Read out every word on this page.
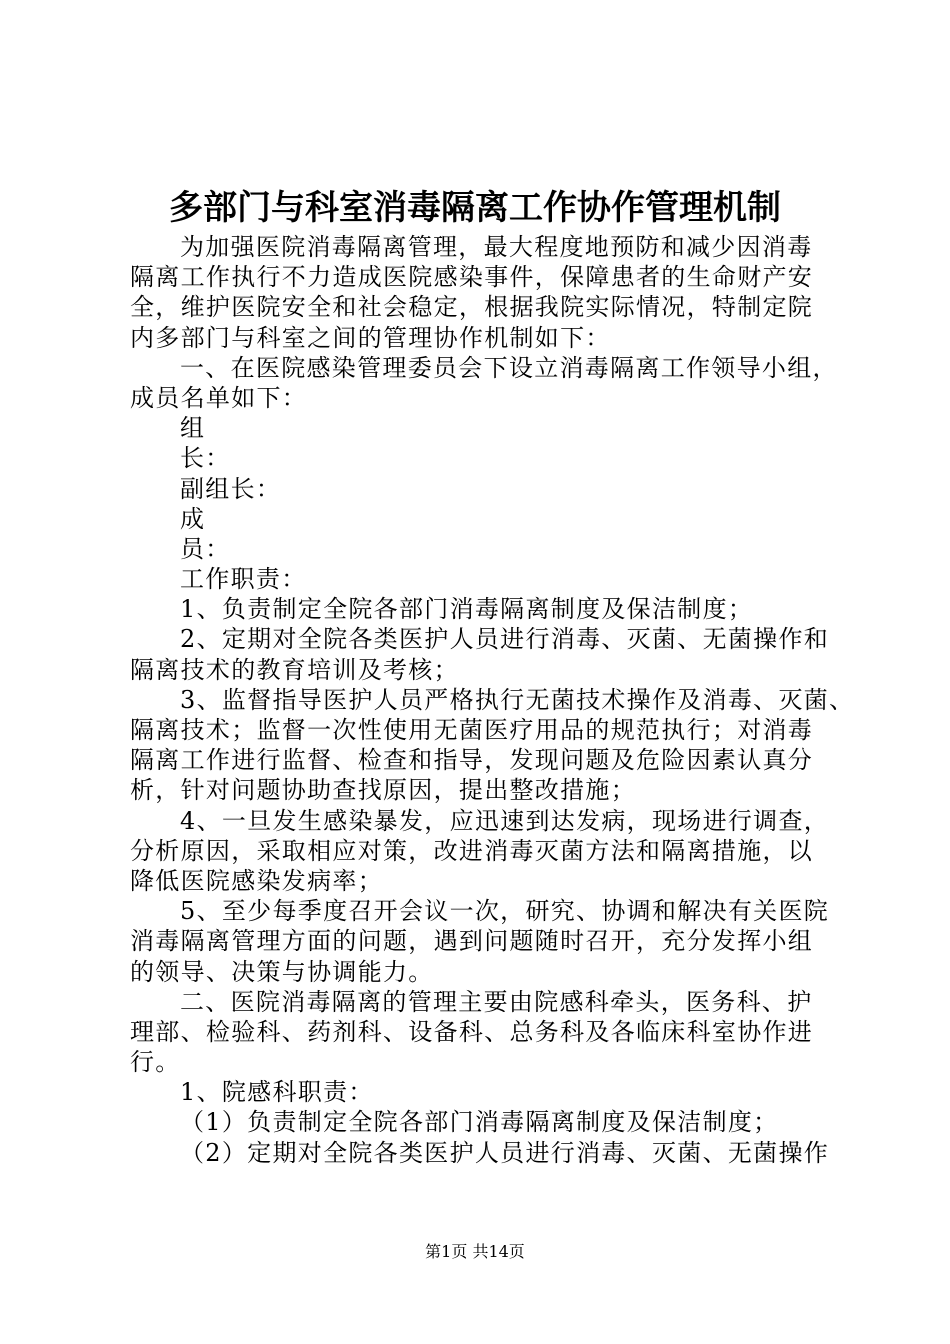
多部门与科室消毒隔离工作协作管理机制
为加强医院消毒隔离管理，最大程度地预防和减少因消毒
隔离工作执行不力造成医院感染事件，保障患者的生命财产安
全，维护医院安全和社会稳定，根据我院实际情况，特制定院
内多部门与科室之间的管理协作机制如下：
一、在医院感染管理委员会下设立消毒隔离工作领导小组，
成员名单如下：
组
长：
副组长：
成
员：
工作职责：
1、负责制定全院各部门消毒隔离制度及保洁制度；
2、定期对全院各类医护人员进行消毒、灭菌、无菌操作和
隔离技术的教育培训及考核；
3、监督指导医护人员严格执行无菌技术操作及消毒、灭菌、
隔离技术；监督一次性使用无菌医疗用品的规范执行；对消毒
隔离工作进行监督、检查和指导，发现问题及危险因素认真分
析，针对问题协助查找原因，提出整改措施；
4、一旦发生感染暴发，应迅速到达发病，现场进行调查，
分析原因，采取相应对策，改进消毒灭菌方法和隔离措施，以
降低医院感染发病率；
5、至少每季度召开会议一次，研究、协调和解决有关医院
消毒隔离管理方面的问题，遇到问题随时召开，充分发挥小组
的领导、决策与协调能力。
二、医院消毒隔离的管理主要由院感科牵头，医务科、护
理部、检验科、药剂科、设备科、总务科及各临床科室协作进
行。
1、院感科职责：
（1）负责制定全院各部门消毒隔离制度及保洁制度；
（2）定期对全院各类医护人员进行消毒、灭菌、无菌操作
第1页 共14页
